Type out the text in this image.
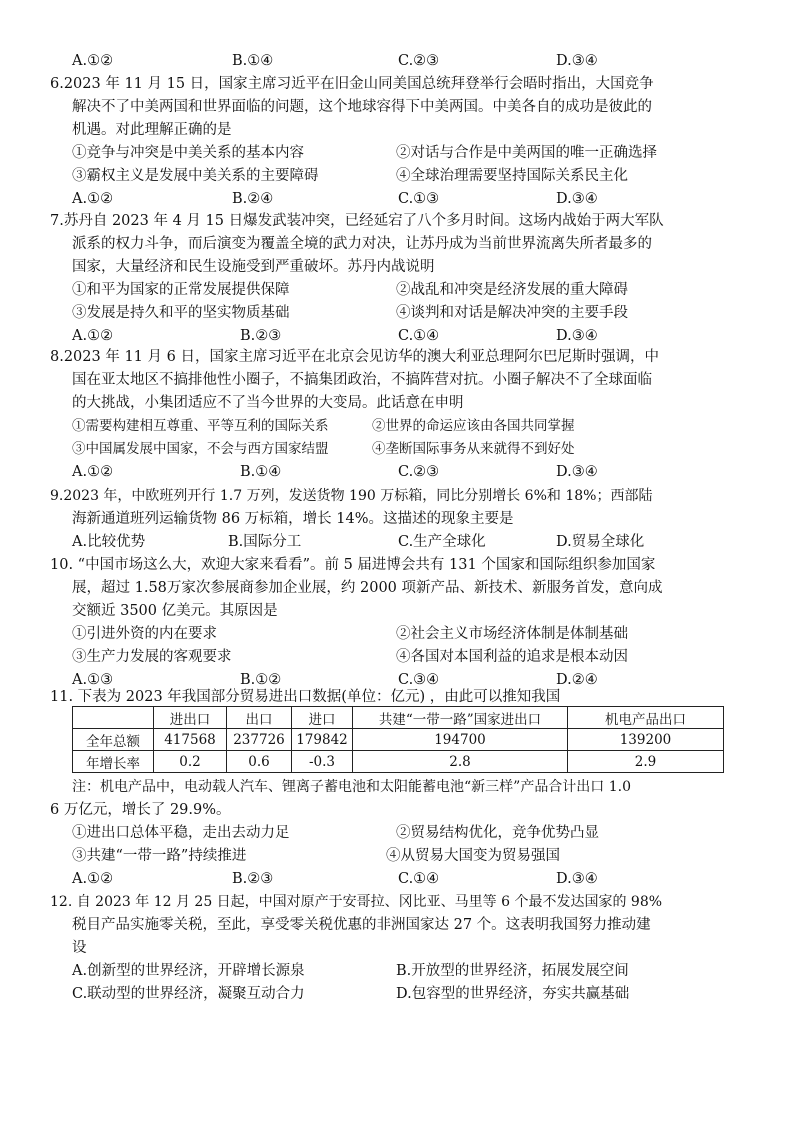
A.①②	B.①④	C.②③	D.③④
6.2023 年 11 月 15 日，国家主席习近平在旧金山同美国总统拜登举行会晤时指出，大国竞争
解决不了中美两国和世界面临的问题，这个地球容得下中美两国。中美各自的成功是彼此的
机遇。对此理解正确的是
①竞争与冲突是中美关系的基本内容	②对话与合作是中美两国的唯一正确选择
③霸权主义是发展中美关系的主要障碍	④全球治理需要坚持国际关系民主化
A.①②	B.②④	C.①③	D.③④
7.苏丹自 2023 年 4 月 15 日爆发武装冲突，已经延宕了八个多月时间。这场内战始于两大军队
派系的权力斗争，而后演变为覆盖全境的武力对决，让苏丹成为当前世界流离失所者最多的
国家，大量经济和民生设施受到严重破坏。苏丹内战说明
①和平为国家的正常发展提供保障	②战乱和冲突是经济发展的重大障碍
③发展是持久和平的坚实物质基础	④谈判和对话是解决冲突的主要手段
A.①②	B.②③	C.①④	D.③④
8.2023 年 11 月 6 日，国家主席习近平在北京会见访华的澳大利亚总理阿尔巴尼斯时强调，中
国在亚太地区不搞排他性小圈子，不搞集团政治，不搞阵营对抗。小圈子解决不了全球面临
的大挑战，小集团适应不了当今世界的大变局。此话意在申明
①需要构建相互尊重、平等互利的国际关系	②世界的命运应该由各国共同掌握
③中国属发展中国家，不会与西方国家结盟	④垄断国际事务从来就得不到好处
A.①②	B.①④	C.②③	D.③④
9.2023 年，中欧班列开行 1.7 万列，发送货物 190 万标箱，同比分别增长 6%和 18%；西部陆
海新通道班列运输货物 86 万标箱，增长 14%。这描述的现象主要是
A.比较优势	B.国际分工	C.生产全球化	D.贸易全球化
10. “中国市场这么大，欢迎大家来看看”。前 5 届进博会共有 131 个国家和国际组织参加国家
展，超过 1.58万家次参展商参加企业展，约 2000 项新产品、新技术、新服务首发，意向成
交额近 3500 亿美元。其原因是
①引进外资的内在要求	②社会主义市场经济体制是体制基础
③生产力发展的客观要求	④各国对本国利益的追求是根本动因
A.①③	B.①②	C.③④	D.②④
11. 下表为 2023 年我国部分贸易进出口数据(单位：亿元) ，由此可以推知我国
	进出口	出口	进口	共建“一带一路”国家进出口	机电产品出口
全年总额	417568	237726	179842	194700	139200
年增长率	0.2	0.6	-0.3	2.8	2.9
注：机电产品中，电动载人汽车、锂离子蓄电池和太阳能蓄电池“新三样”产品合计出口 1.0
6 万亿元，增长了 29.9%。
①进出口总体平稳，走出去动力足	②贸易结构优化，竞争优势凸显
③共建“一带一路”持续推进	④从贸易大国变为贸易强国
A.①②	B.②③	C.①④	D.③④
12. 自 2023 年 12 月 25 日起，中国对原产于安哥拉、冈比亚、马里等 6 个最不发达国家的 98%
税目产品实施零关税，至此，享受零关税优惠的非洲国家达 27 个。这表明我国努力推动建
设
A.创新型的世界经济，开辟增长源泉	B.开放型的世界经济，拓展发展空间
C.联动型的世界经济，凝聚互动合力	D.包容型的世界经济，夯实共赢基础
